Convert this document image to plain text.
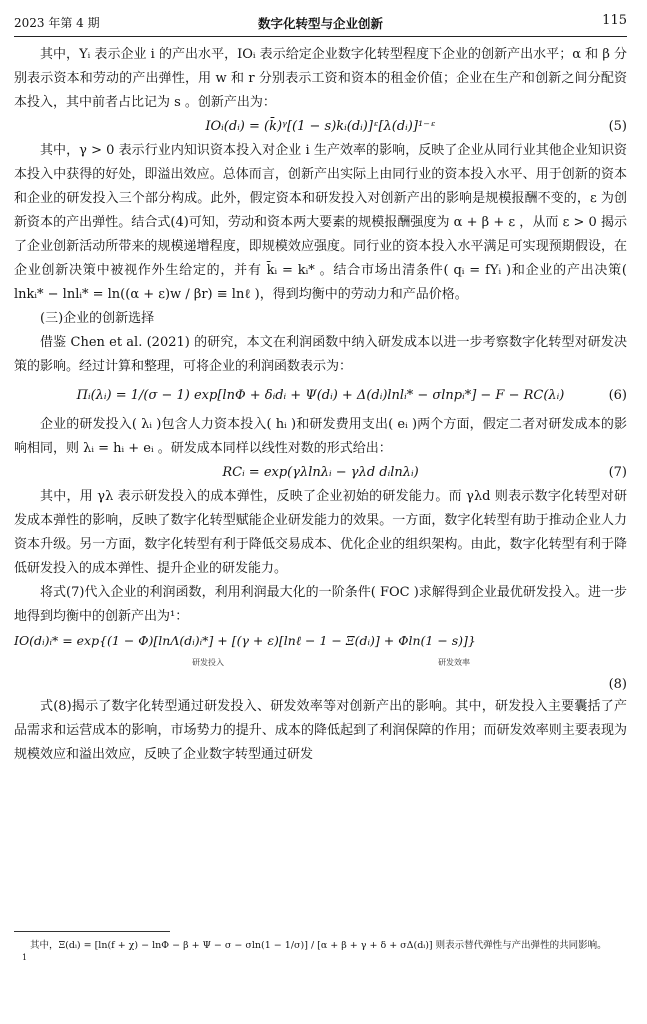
2023 年第 4 期	数字化转型与企业创新	115

其中，Yᵢ 表示企业 i 的产出水平，IOᵢ 表示给定企业数字化转型程度下企业的创新产出水平；α 和 β 分别表示资本和劳动的产出弹性，用 w 和 r 分别表示工资和资本的租金价值；企业在生产和创新之间分配资本投入，其中前者占比记为 s 。创新产出为：

IOᵢ(dᵢ) = (k̄)ᵞ[(1 − s)kᵢ(dᵢ)]ᵋ[λ(dᵢ)]¹⁻ᵋ	(5)

其中，γ > 0 表示行业内知识资本投入对企业 i 生产效率的影响，反映了企业从同行业其他企业知识资本投入中获得的好处，即溢出效应。总体而言，创新产出实际上由同行业的资本投入水平、用于创新的资本和企业的研发投入三个部分构成。此外，假定资本和研发投入对创新产出的影响是规模报酬不变的，ε 为创新资本的产出弹性。结合式(4)可知，劳动和资本两大要素的规模报酬强度为 α + β + ε ，从而 ε > 0 揭示了企业创新活动所带来的规模递增程度，即规模效应强度。同行业的资本投入水平满足可实现预期假设，在企业创新决策中被视作外生给定的，并有 k̄ᵢ = kᵢ* 。结合市场出清条件( qᵢ = fYᵢ )和企业的产出决策( lnkᵢ* − lnlᵢ* = ln((α + ε)w / βr) ≡ lnℓ )，得到均衡中的劳动力和产品价格。

(三)企业的创新选择

借鉴 Chen et al. (2021) 的研究，本文在利润函数中纳入研发成本以进一步考察数字化转型对研发决策的影响。经过计算和整理，可将企业的利润函数表示为：

Πᵢ(λᵢ) = 1/(σ − 1) exp[lnΦ + δᵢdᵢ + Ψ(dᵢ) + Δ(dᵢ)lnlᵢ* − σlnpᵢ*] − F − RC(λᵢ)	(6)

企业的研发投入( λᵢ )包含人力资本投入( hᵢ )和研发费用支出( eᵢ )两个方面，假定二者对研发成本的影响相同，则 λᵢ = hᵢ + eᵢ 。研发成本同样以线性对数的形式给出：

RCᵢ = exp(γλlnλᵢ − γλd dᵢlnλᵢ)	(7)

其中，用 γλ 表示研发投入的成本弹性，反映了企业初始的研发能力。而 γλd 则表示数字化转型对研发成本弹性的影响，反映了数字化转型赋能企业研发能力的效果。一方面，数字化转型有助于推动企业人力资本升级。另一方面，数字化转型有利于降低交易成本、优化企业的组织架构。由此，数字化转型有利于降低研发投入的成本弹性、提升企业的研发能力。

将式(7)代入企业的利润函数，利用利润最大化的一阶条件( FOC )求解得到企业最优研发投入。进一步地得到均衡中的创新产出为¹：

IO(dᵢ)ᵢ* = exp{(1 − Φ)[lnΛ(dᵢ)ᵢ*] + [(γ + ε)[lnℓ − 1 − Ξ(dᵢ)] + Φln(1 − s)]}
研发投入	研发效率
(8)

式(8)揭示了数字化转型通过研发投入、研发效率等对创新产出的影响。其中，研发投入主要囊括了产品需求和运营成本的影响，市场势力的提升、成本的降低起到了利润保障的作用；而研发效率则主要表现为规模效应和溢出效应，反映了企业数字转型通过研发

1
其中，Ξ(dᵢ) = [ln(f + χ) − lnΦ − β + Ψ − σ − σln(1 − 1/σ)] / [α + β + γ + δ + σΔ(dᵢ)] 则表示替代弹性与产出弹性的共同影响。
